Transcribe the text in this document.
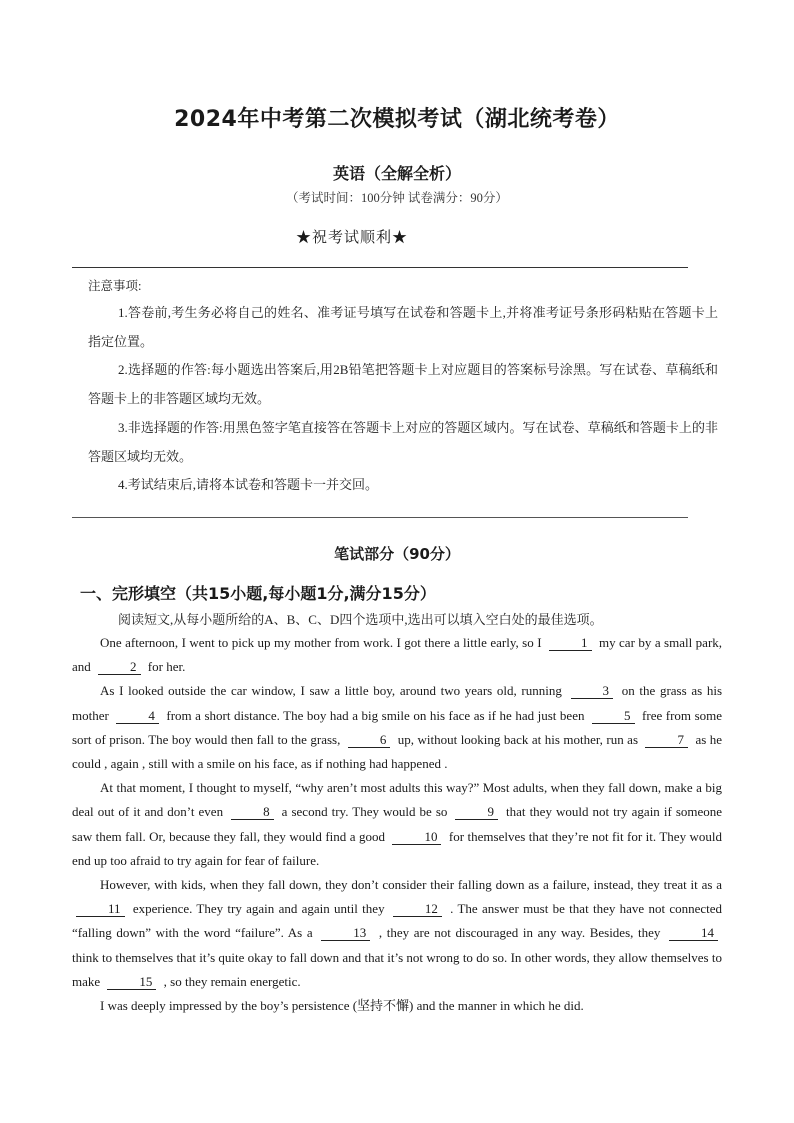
2024年中考第二次模拟考试（湖北统考卷）
英语（全解全析）
（考试时间：100分钟 试卷满分：90分）
★祝考试顺利★
注意事项:

1.答卷前,考生务必将自己的姓名、准考证号填写在试卷和答题卡上,并将准考证号条形码粘贴在答题卡上指定位置。

2.选择题的作答:每小题选出答案后,用2B铅笔把答题卡上对应题目的答案标号涂黑。写在试卷、草稿纸和答题卡上的非答题区域均无效。

3.非选择题的作答:用黑色签字笔直接答在答题卡上对应的答题区域内。写在试卷、草稿纸和答题卡上的非答题区域均无效。

4.考试结束后,请将本试卷和答题卡一并交回。

笔试部分（90分）
一、完形填空（共15小题,每小题1分,满分15分）
阅读短文,从每小题所给的A、B、C、D四个选项中,选出可以填入空白处的最佳选项。

One afternoon, I went to pick up my mother from work. I got there a little early, so I	1 my car by a small park, and	2 for her.

As I looked outside the car window, I saw a little boy, around two years old, running	3 on the grass as his mother	4 from a short distance. The boy had a big smile on his face as if he had just been	5 free from some sort of prison. The boy would then fall to the grass,	6 up, without looking back at his mother, run as	7 as he could , again , still with a smile on his face, as if nothing had happened .

At that moment, I thought to myself, “why aren’t most adults this way?” Most adults, when they fall down, make a big deal out of it and don’t even	8 a second try. They would be so	9 that they would not try again if someone saw them fall. Or, because they fall, they would find a good	10 for themselves that they’re not fit for it. They would end up too afraid to try again for fear of failure.

However, with kids, when they fall down, they don’t consider their falling down as a failure, instead, they treat it as a 11 experience. They try again and again until they	12 . The answer must be that they have not connected “falling down” with the word “failure”. As a	13 , they are not discouraged in any way. Besides, they	14 think to themselves that it’s quite okay to fall down and that it’s not wrong to do so. In other words, they allow themselves to make	15 , so they remain energetic.

I was deeply impressed by the boy’s persistence (坚持不懈) and the manner in which he did.
